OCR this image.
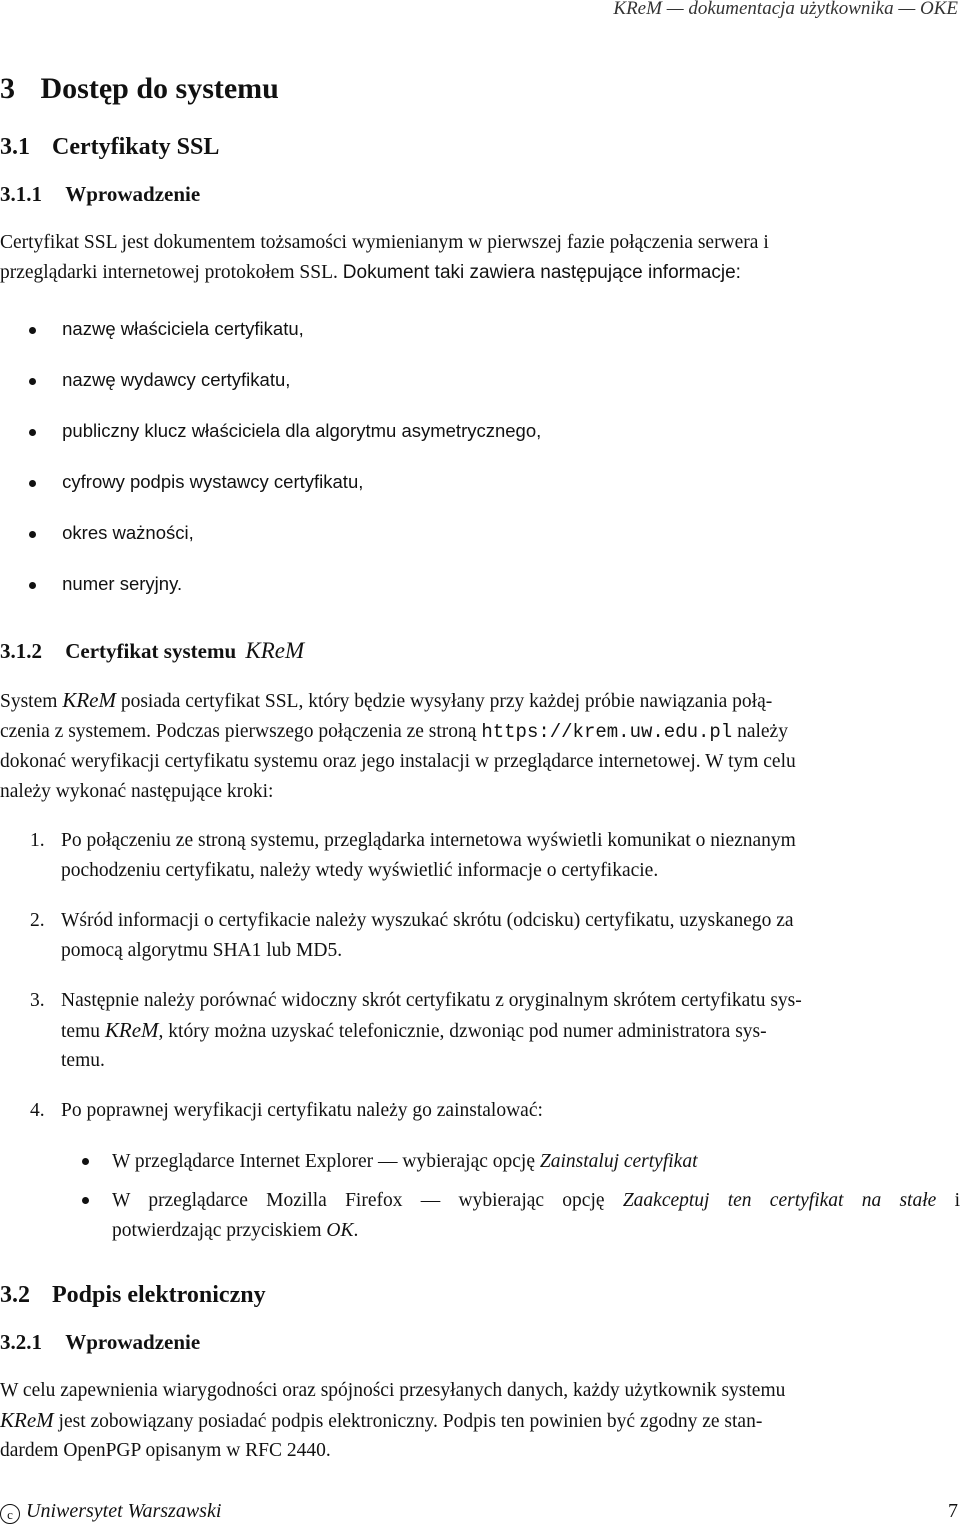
KReM — dokumentacja użytkownika — OKE
3 Dostęp do systemu
3.1 Certyfikaty SSL
3.1.1 Wprowadzenie
Certyfikat SSL jest dokumentem tożsamości wymienianym w pierwszej fazie połączenia serwera i
przeglądarki internetowej protokołem SSL. Dokument taki zawiera następujące informacje:
nazwę właściciela certyfikatu,
nazwę wydawcy certyfikatu,
publiczny klucz właściciela dla algorytmu asymetrycznego,
cyfrowy podpis wystawcy certyfikatu,
okres ważności,
numer seryjny.
3.1.2 Certyfikat systemu KReM
System KReM posiada certyfikat SSL, który będzie wysyłany przy każdej próbie nawiązania połą-
czenia z systemem. Podczas pierwszego połączenia ze stroną https://krem.uw.edu.pl należy
dokonać weryfikacji certyfikatu systemu oraz jego instalacji w przeglądarce internetowej. W tym celu
należy wykonać następujące kroki:
1. Po połączeniu ze stroną systemu, przeglądarka internetowa wyświetli komunikat o nieznanym
pochodzeniu certyfikatu, należy wtedy wyświetlić informacje o certyfikacie.
2. Wśród informacji o certyfikacie należy wyszukać skrótu (odcisku) certyfikatu, uzyskanego za
pomocą algorytmu SHA1 lub MD5.
3. Następnie należy porównać widoczny skrót certyfikatu z oryginalnym skrótem certyfikatu sys-
temu KReM, który można uzyskać telefonicznie, dzwoniąc pod numer administratora sys-
temu.
4. Po poprawnej weryfikacji certyfikatu należy go zainstalować:
W przeglądarce Internet Explorer — wybierając opcję Zainstaluj certyfikat
W przeglądarce Mozilla Firefox — wybierając opcję Zaakceptuj ten certyfikat na stałe i
potwierdzając przyciskiem OK.
3.2 Podpis elektroniczny
3.2.1 Wprowadzenie
W celu zapewnienia wiarygodności oraz spójności przesyłanych danych, każdy użytkownik systemu
KReM jest zobowiązany posiadać podpis elektroniczny. Podpis ten powinien być zgodny ze stan-
dardem OpenPGP opisanym w RFC 2440.
c Uniwersytet Warszawski	7
